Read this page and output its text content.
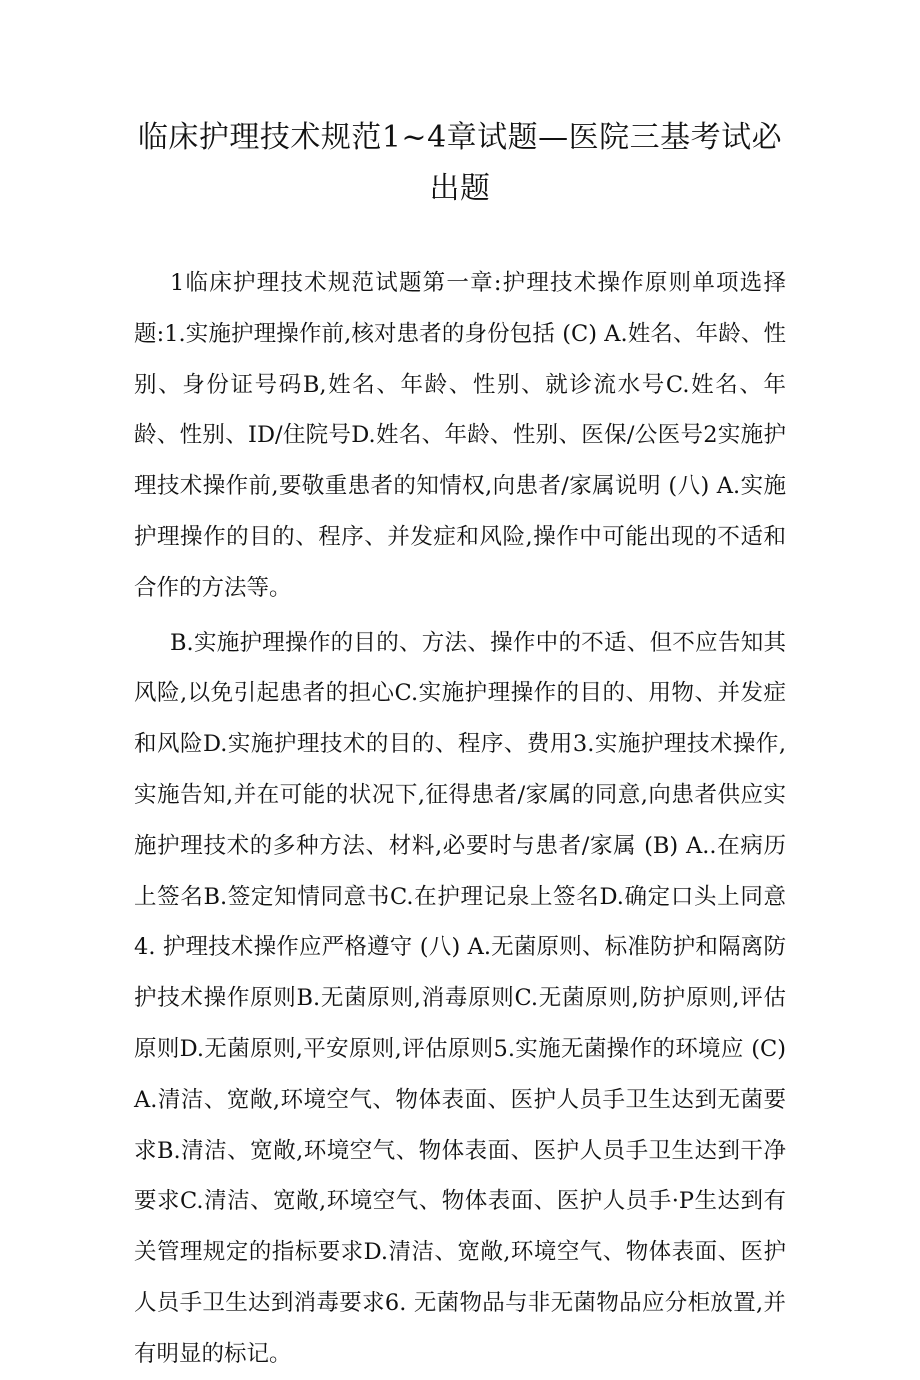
临床护理技术规范1~4章试题—医院三基考试必
出题

1临床护理技术规范试题第一章:护理技术操作原则单项选择题:1.实施护理操作前,核对患者的身份包括 (C) A.姓名、年龄、性别、身份证号码B,姓名、年龄、性别、就诊流水号C.姓名、年龄、性别、ID/住院号D.姓名、年龄、性别、医保/公医号2实施护理技术操作前,要敬重患者的知情权,向患者/家属说明 (八) A.实施护理操作的目的、程序、并发症和风险,操作中可能出现的不适和合作的方法等。

B.实施护理操作的目的、方法、操作中的不适、但不应告知其风险,以免引起患者的担心C.实施护理操作的目的、用物、并发症和风险D.实施护理技术的目的、程序、费用3.实施护理技术操作,实施告知,并在可能的状况下,征得患者/家属的同意,向患者供应实施护理技术的多种方法、材料,必要时与患者/家属 (B) A..在病历上签名B.签定知情同意书C.在护理记泉上签名D.确定口头上同意4. 护理技术操作应严格遵守 (八) A.无菌原则、标准防护和隔离防护技术操作原则B.无菌原则,消毒原则C.无菌原则,防护原则,评估原则D.无菌原则,平安原则,评估原则5.实施无菌操作的环境应 (C) A.清洁、宽敞,环境空气、物体表面、医护人员手卫生达到无菌要求B.清洁、宽敞,环境空气、物体表面、医护人员手卫生达到干净要求C.清洁、宽敞,环境空气、物体表面、医护人员手·P生达到有关管理规定的指标要求D.清洁、宽敞,环境空气、物体表面、医护人员手卫生达到消毒要求6. 无菌物品与非无菌物品应分柜放置,并有明显的标记。
